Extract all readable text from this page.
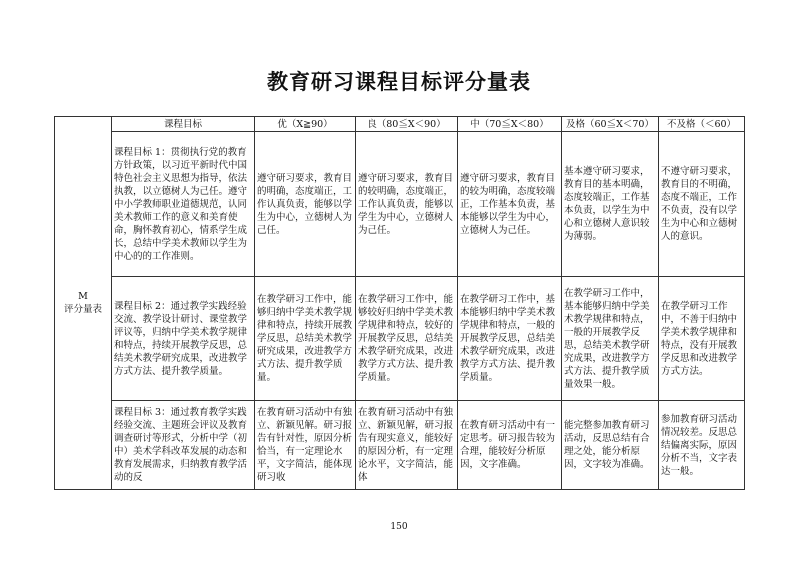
教育研习课程目标评分量表
M
评分量表	课程目标	优（X≧90）	良（80≦X＜90）	中（70≦X＜80）	及格（60≦X＜70）	不及格（＜60）
	课程目标 1：贯彻执行党的教育方针政策，以习近平新时代中国特色社会主义思想为指导，依法执教，以立德树人为己任。遵守中小学教师职业道德规范，认同美术教师工作的意义和美育使命，胸怀教育初心，情系学生成长，总结中学美术教师以学生为中心的的工作准则。	遵守研习要求，教育目的明确，态度端正，工作认真负责，能够以学生为中心，立德树人为己任。	遵守研习要求，教育目的较明确，态度端正，工作认真负责，能够以学生为中心，立德树人为己任。	遵守研习要求，教育目的较为明确，态度较端正，工作基本负责，基本能够以学生为中心，立德树人为己任。	基本遵守研习要求，教育目的基本明确，态度较端正，工作基本负责，以学生为中心和立德树人意识较为薄弱。	不遵守研习要求，教育目的不明确，态度不端正，工作不负责，没有以学生为中心和立德树人的意识。
	课程目标 2：通过教学实践经验交流、教学设计研讨、课堂教学评议等，归纳中学美术教学规律和特点，持续开展教学反思，总结美术教学研究成果，改进教学方式方法、提升教学质量。	在教学研习工作中，能够归纳中学美术教学规律和特点，持续开展教学反思，总结美术教学研究成果，改进教学方式方法、提升教学质量。	在教学研习工作中，能够较好归纳中学美术教学规律和特点，较好的开展教学反思，总结美术教学研究成果，改进教学方式方法、提升教学质量。	在教学研习工作中，基本能够归纳中学美术教学规律和特点，一般的开展教学反思，总结美术教学研究成果，改进教学方式方法、提升教学质量。	在教学研习工作中，基本能够归纳中学美术教学规律和特点，一般的开展教学反思，总结美术教学研究成果，改进教学方式方法、提升教学质量效果一般。	在教学研习工作中，不善于归纳中学美术教学规律和特点，没有开展教学反思和改进教学方式方法。
	课程目标 3：通过教育教学实践经验交流、主题班会评议及教育调查研讨等形式，分析中学（初中）美术学科改革发展的动态和教育发展需求，归纳教育教学活动的反	在教育研习活动中有独立、新颖见解。研习报告有针对性，原因分析恰当，有一定理论水平，文字简洁，能体现研习收	在教育研习活动中有独立、新颖见解，研习报告有现实意义，能较好的原因分析，有一定理论水平，文字简洁，能体	在教育研习活动中有一定思考。研习报告较为合理，能较好分析原因，文字准确。	能完整参加教育研习活动，反思总结有合理之处，能分析原因，文字较为准确。	参加教育研习活动情况较差。反思总结偏离实际，原因分析不当，文字表达一般。
150
